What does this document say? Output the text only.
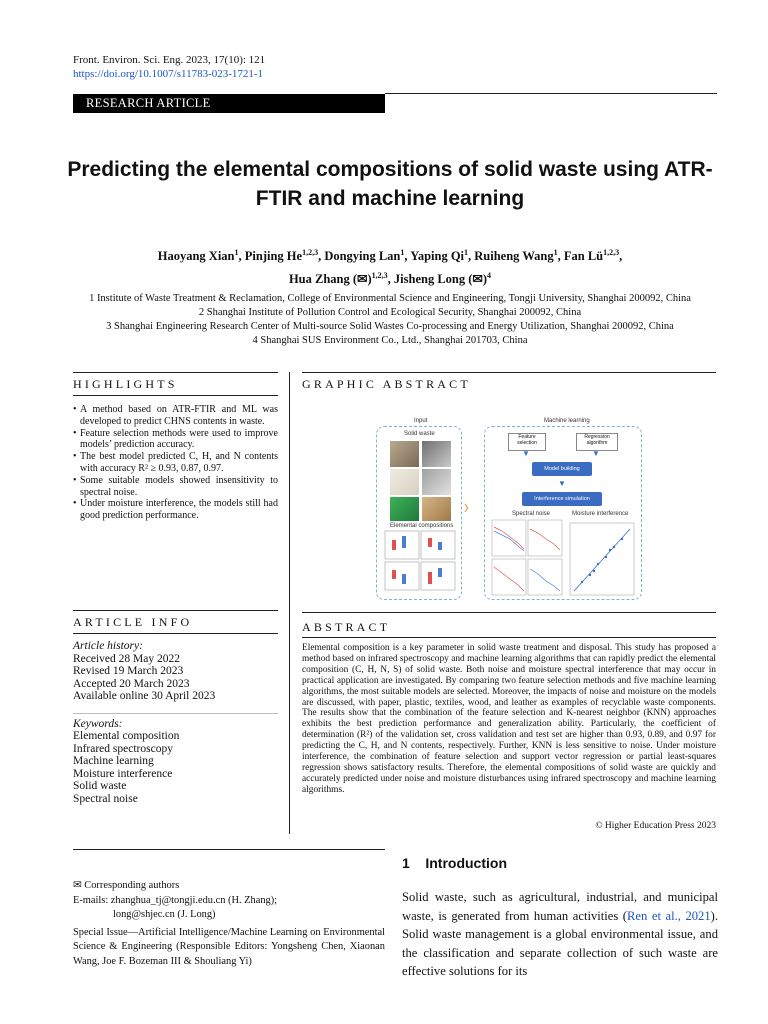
Front. Environ. Sci. Eng. 2023, 17(10): 121
https://doi.org/10.1007/s11783-023-1721-1
RESEARCH ARTICLE
Predicting the elemental compositions of solid waste using ATR-FTIR and machine learning
Haoyang Xian$^1$, Pinjing He$^{1,2,3}$, Dongying Lan$^1$, Yaping Qi$^1$, Ruiheng Wang$^1$, Fan Lü$^{1,2,3}$,
Hua Zhang (✉)$^{1,2,3}$, Jisheng Long (✉)$^4$
1 Institute of Waste Treatment & Reclamation, College of Environmental Science and Engineering, Tongji University, Shanghai 200092, China
2 Shanghai Institute of Pollution Control and Ecological Security, Shanghai 200092, China
3 Shanghai Engineering Research Center of Multi-source Solid Wastes Co-processing and Energy Utilization, Shanghai 200092, China
4 Shanghai SUS Environment Co., Ltd., Shanghai 201703, China
HIGHLIGHTS	GRAPHIC ABSTRACT
• A method based on ATR-FTIR and ML was developed to predict CHNS contents in waste.
• Feature selection methods were used to improve models’ prediction accuracy.
• The best model predicted C, H, and N contents with accuracy R² ≥ 0.93, 0.87, 0.97.
• Some suitable models showed insensitivity to spectral noise.
• Under moisture interference, the models still had good prediction performance.
Input	Machine learning
Solid waste
Elemental compositions
❯
Feature selection
Regression algorithm
▼	▼
Model building
▼
Interference simulation
Spectral noise	Moisture interference
ARTICLE INFO
Article history:
Received 28 May 2022
Revised 19 March 2023
Accepted 20 March 2023
Available online 30 April 2023
Keywords:
Elemental composition
Infrared spectroscopy
Machine learning
Moisture interference
Solid waste
Spectral noise
ABSTRACT
Elemental composition is a key parameter in solid waste treatment and disposal. This study has proposed a method based on infrared spectroscopy and machine learning algorithms that can rapidly predict the elemental composition (C, H, N, S) of solid waste. Both noise and moisture spectral interference that may occur in practical application are investigated. By comparing two feature selection methods and five machine learning algorithms, the most suitable models are selected. Moreover, the impacts of noise and moisture on the models are discussed, with paper, plastic, textiles, wood, and leather as examples of recyclable waste components. The results show that the combination of the feature selection and K-nearest neighbor (KNN) approaches exhibits the best prediction performance and generalization ability. Particularly, the coefficient of determination (R²) of the validation set, cross validation and test set are higher than 0.93, 0.89, and 0.97 for predicting the C, H, and N contents, respectively. Further, KNN is less sensitive to noise. Under moisture interference, the combination of feature selection and support vector regression or partial least-squares regression shows satisfactory results. Therefore, the elemental compositions of solid waste are quickly and accurately predicted under noise and moisture disturbances using infrared spectroscopy and machine learning algorithms.
© Higher Education Press 2023
✉ Corresponding authors
E-mails: zhanghua_tj@tongji.edu.cn (H. Zhang);
long@shjec.cn (J. Long)
Special Issue—Artificial Intelligence/Machine Learning on Environmental Science & Engineering (Responsible Editors: Yongsheng Chen, Xiaonan Wang, Joe F. Bozeman III & Shouliang Yi)
1    Introduction
Solid waste, such as agricultural, industrial, and municipal waste, is generated from human activities (Ren et al., 2021). Solid waste management is a global environmental issue, and the classification and separate collection of such waste are effective solutions for its
